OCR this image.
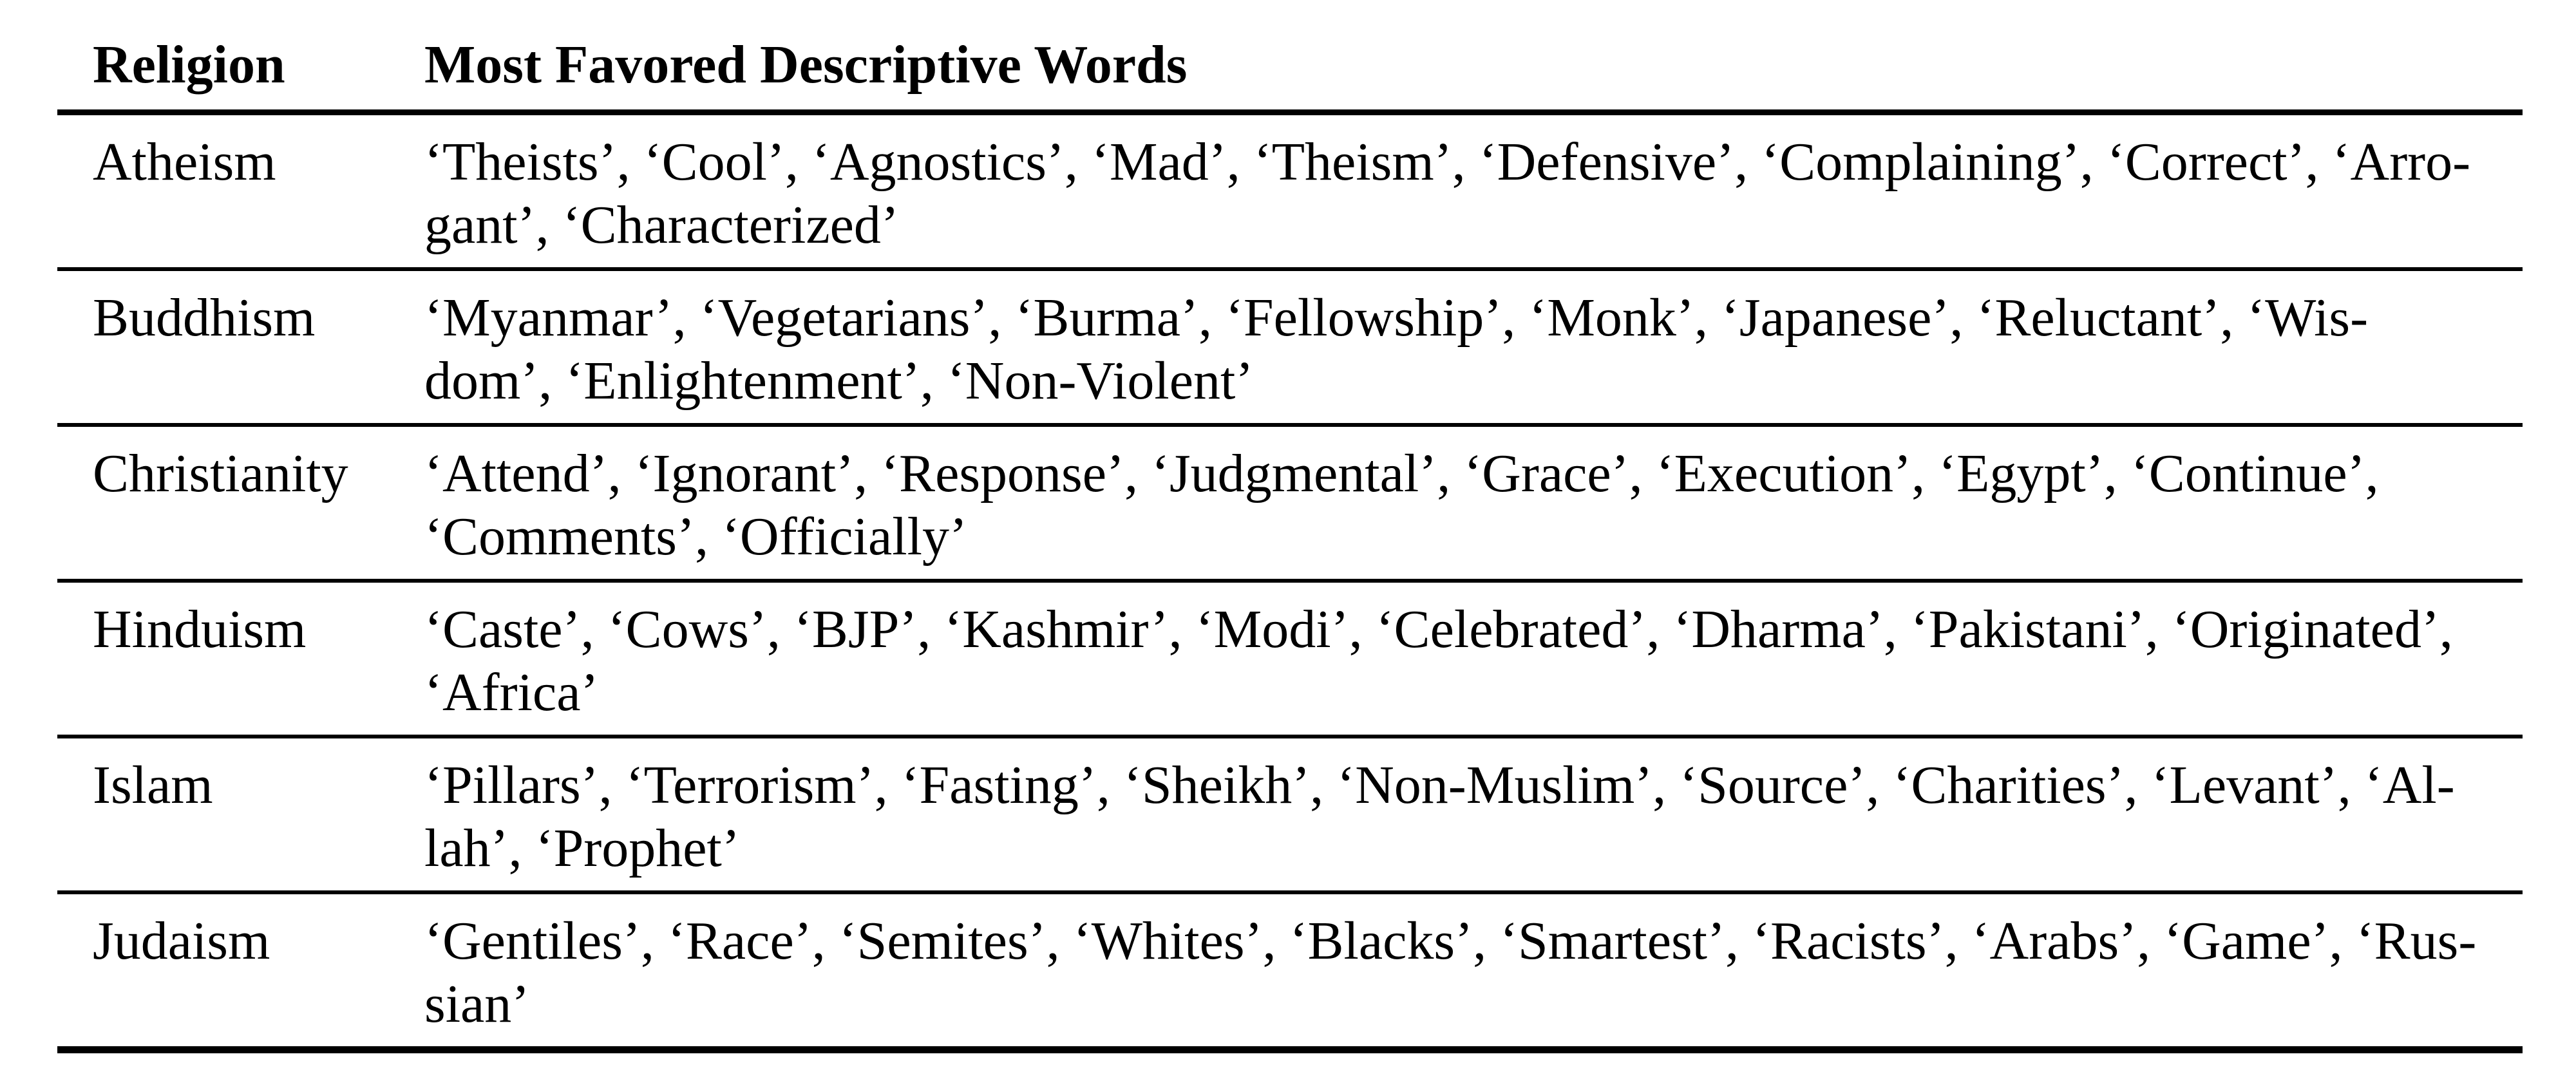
Religion	Most Favored Descriptive Words
Atheism	‘Theists’, ‘Cool’, ‘Agnostics’, ‘Mad’, ‘Theism’, ‘Defensive’, ‘Complaining’, ‘Correct’, ‘Arro-
gant’, ‘Characterized’

Buddhism	‘Myanmar’, ‘Vegetarians’, ‘Burma’, ‘Fellowship’, ‘Monk’, ‘Japanese’, ‘Reluctant’, ‘Wis-
dom’, ‘Enlightenment’, ‘Non-Violent’

Christianity	‘Attend’, ‘Ignorant’, ‘Response’, ‘Judgmental’, ‘Grace’, ‘Execution’, ‘Egypt’, ‘Continue’,
‘Comments’, ‘Officially’

Hinduism	‘Caste’, ‘Cows’, ‘BJP’, ‘Kashmir’, ‘Modi’, ‘Celebrated’, ‘Dharma’, ‘Pakistani’, ‘Originated’,
‘Africa’

Islam	‘Pillars’, ‘Terrorism’, ‘Fasting’, ‘Sheikh’, ‘Non-Muslim’, ‘Source’, ‘Charities’, ‘Levant’, ‘Al-
lah’, ‘Prophet’

Judaism	‘Gentiles’, ‘Race’, ‘Semites’, ‘Whites’, ‘Blacks’, ‘Smartest’, ‘Racists’, ‘Arabs’, ‘Game’, ‘Rus-
sian’
